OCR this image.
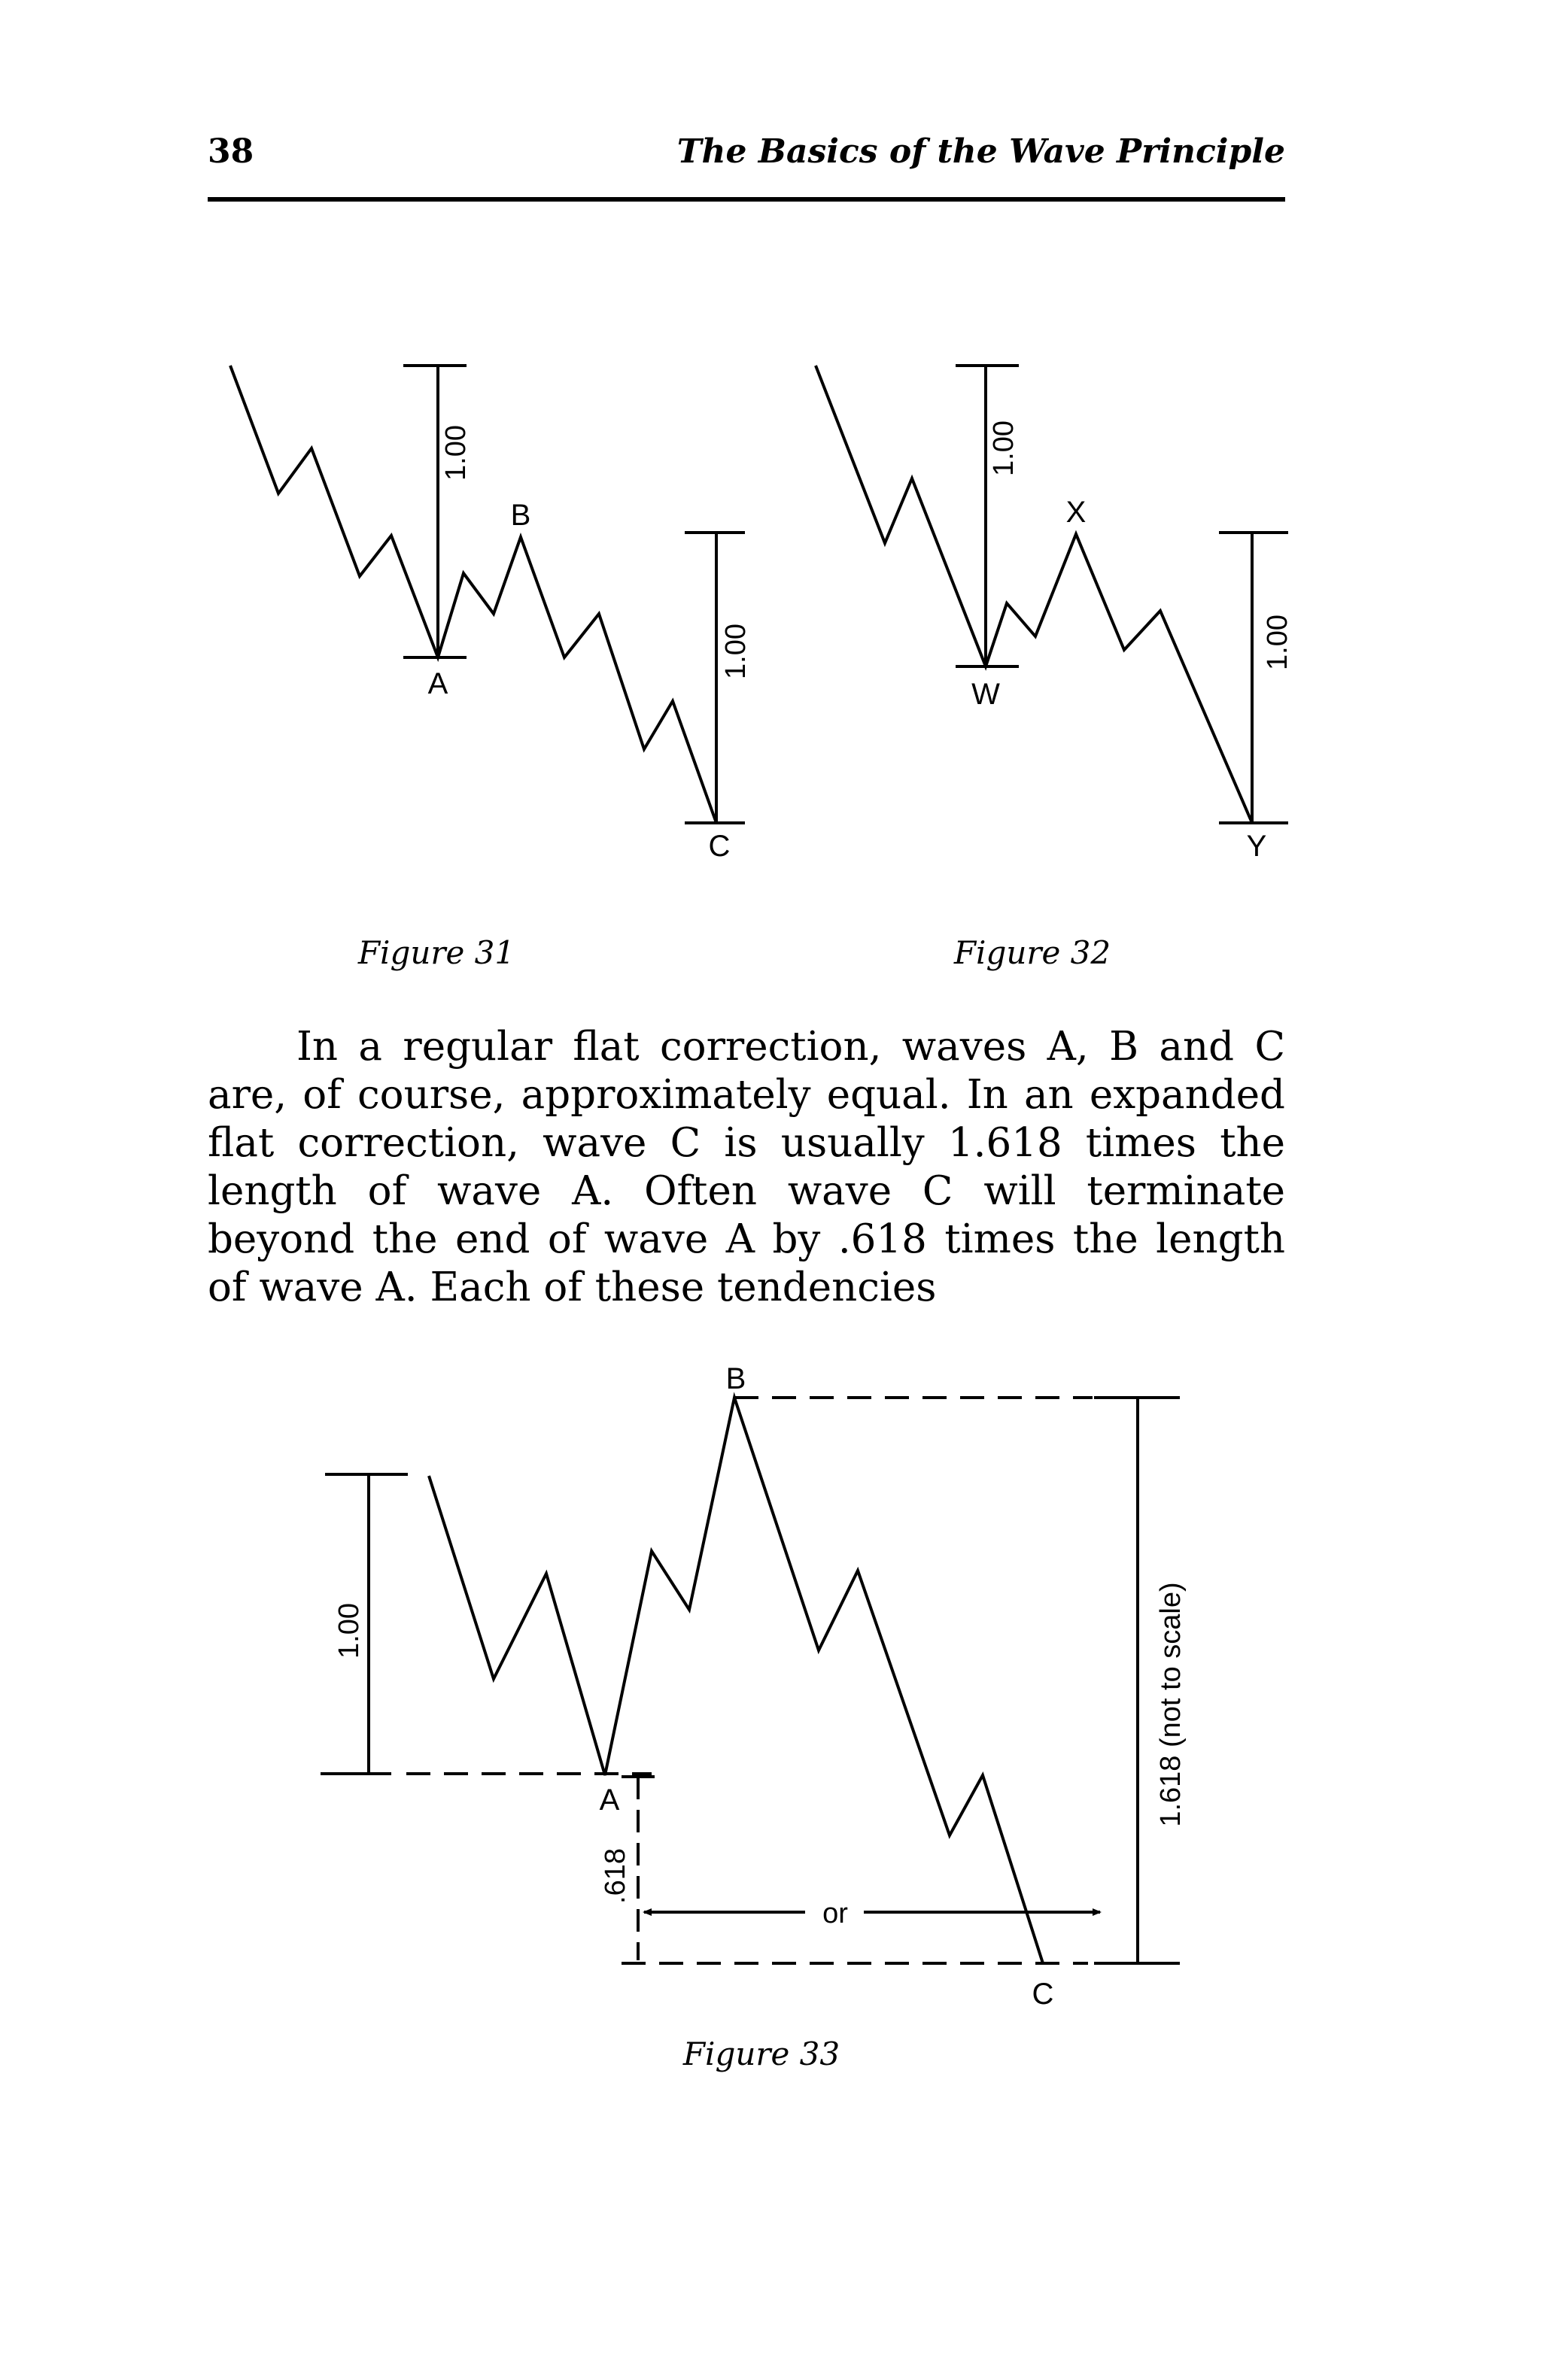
38	The Basics of the Wave Principle
A
B
C
1.00
1.00
W
X
Y
1.00
1.00
Figure 31	Figure 32
In a regular flat correction, waves A, B and C are, of course, approximately equal. In an expanded flat correction, wave C is usually 1.618 times the length of wave A. Often wave C will terminate beyond the end of wave A by .618 times the length of wave A. Each of these tendencies
B
A
C
or
1.00
.618
1.618 (not to scale)
Figure 33
